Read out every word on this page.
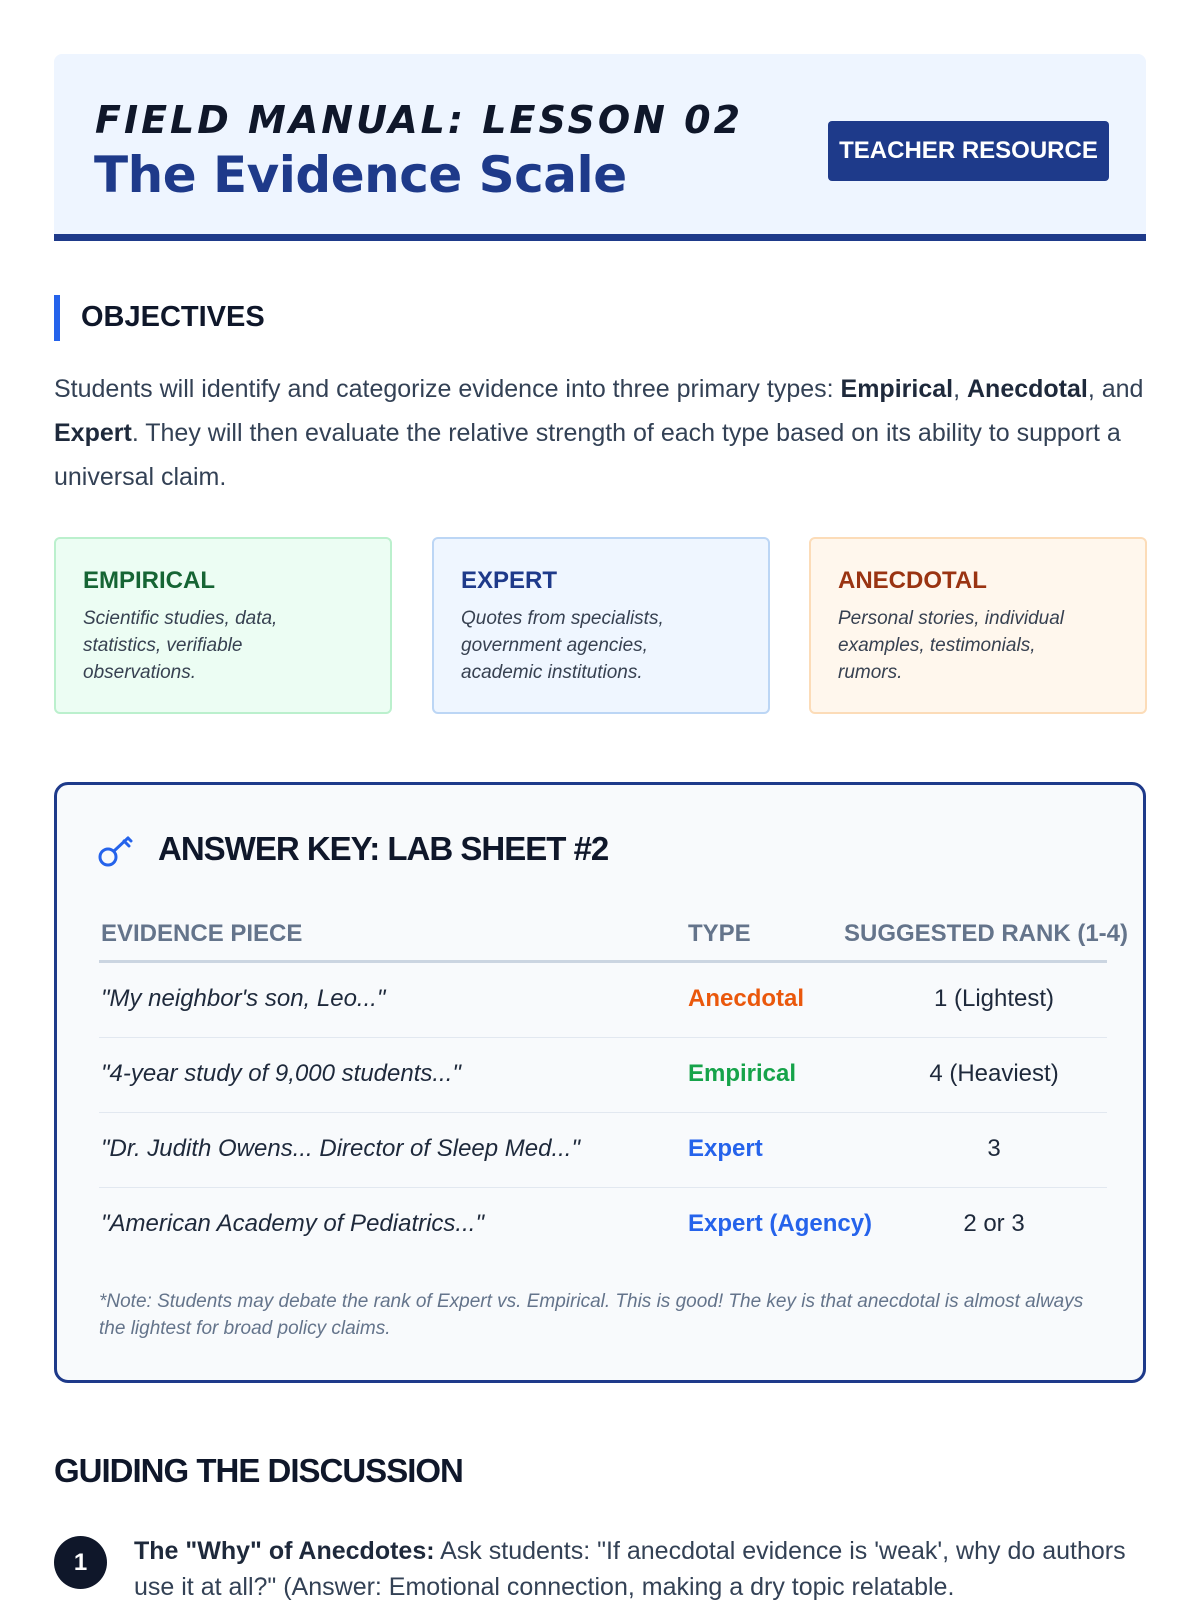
FIELD MANUAL: LESSON 02
The Evidence Scale	TEACHER RESOURCE
OBJECTIVES

Students will identify and categorize evidence into three primary types: Empirical, Anecdotal, and Expert. They will then evaluate the relative strength of each type based on its ability to support a universal claim.

EMPIRICAL

Scientific studies, data, statistics, verifiable observations.

EXPERT

Quotes from specialists, government agencies, academic institutions.

ANECDOTAL

Personal stories, individual examples, testimonials, rumors.

ANSWER KEY: LAB SHEET #2
EVIDENCE PIECE	TYPE	SUGGESTED RANK (1-4)
"My neighbor's son, Leo..."	Anecdotal	1 (Lightest)
"4-year study of 9,000 students..."	Empirical	4 (Heaviest)
"Dr. Judith Owens... Director of Sleep Med..."	Expert	3
"American Academy of Pediatrics..."	Expert (Agency)	2 or 3

*Note: Students may debate the rank of Expert vs. Empirical. This is good! The key is that anecdotal is almost always the lightest for broad policy claims.

GUIDING THE DISCUSSION
1	The "Why" of Anecdotes: Ask students: "If anecdotal evidence is 'weak', why do authors use it at all?" (Answer: Emotional connection, making a dry topic relatable.
